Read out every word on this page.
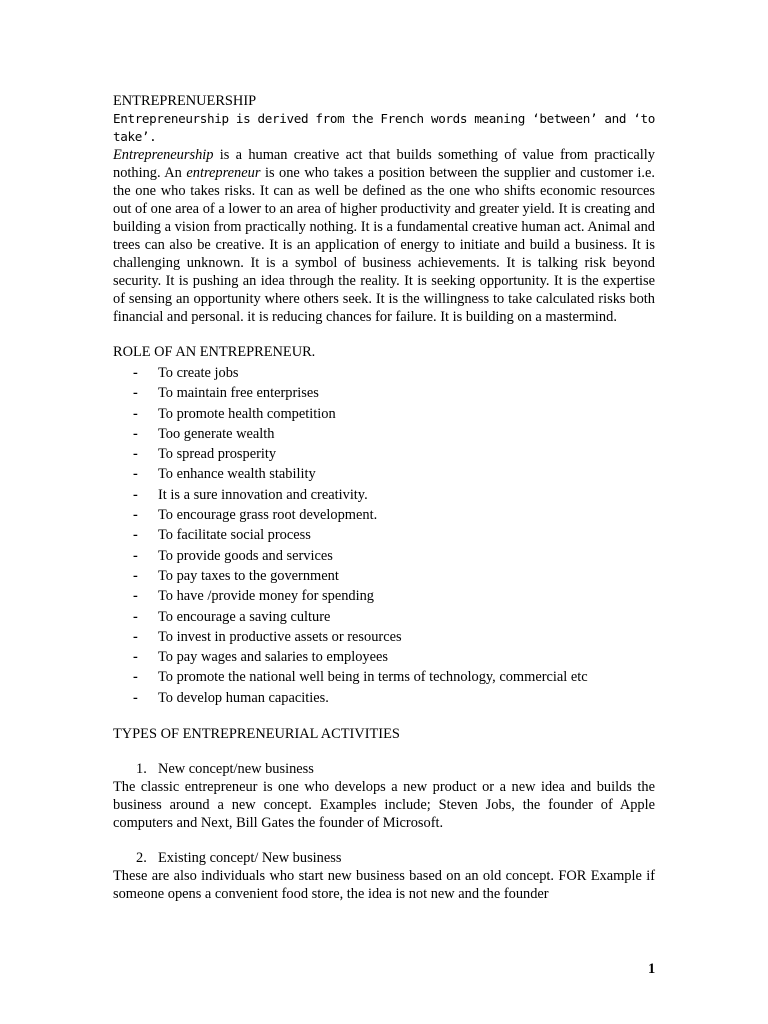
ENTREPRENUERSHIP

Entrepreneurship is derived from the French words meaning ‘between’ and ‘to take’.

Entrepreneurship is a human creative act that builds something of value from practically nothing. An entrepreneur is one who takes a position between the supplier and customer i.e. the one who takes risks. It can as well be defined as the one who shifts economic resources out of one area of a lower to an area of higher productivity and greater yield. It is creating and building a vision from practically nothing. It is a fundamental creative human act. Animal and trees can also be creative. It is an application of energy to initiate and build a business. It is challenging unknown. It is a symbol of business achievements. It is talking risk beyond security. It is pushing an idea through the reality. It is seeking opportunity. It is the expertise of sensing an opportunity where others seek. It is the willingness to take calculated risks both financial and personal. it is reducing chances for failure. It is building on a mastermind.

ROLE OF AN ENTREPRENEUR.

- To create jobs
- To maintain free enterprises
- To promote health competition
- Too generate wealth
- To spread prosperity
- To enhance wealth stability
- It is a sure innovation and creativity.
- To encourage grass root development.
- To facilitate social process
- To provide goods and services
- To pay taxes to the government
- To have /provide money for spending
- To encourage a saving culture
- To invest in productive assets or resources
- To pay wages and salaries to employees
- To promote the national well being in terms of technology, commercial etc
- To develop human capacities.

TYPES OF ENTREPRENEURIAL ACTIVITIES

1. New concept/new business

The classic entrepreneur is one who develops a new product or a new idea and builds the business around a new concept. Examples include; Steven Jobs, the founder of Apple computers and Next, Bill Gates the founder of Microsoft.

2. Existing concept/ New business

These are also individuals who start new business based on an old concept. FOR Example if someone opens a convenient food store, the idea is not new and the founder

1
